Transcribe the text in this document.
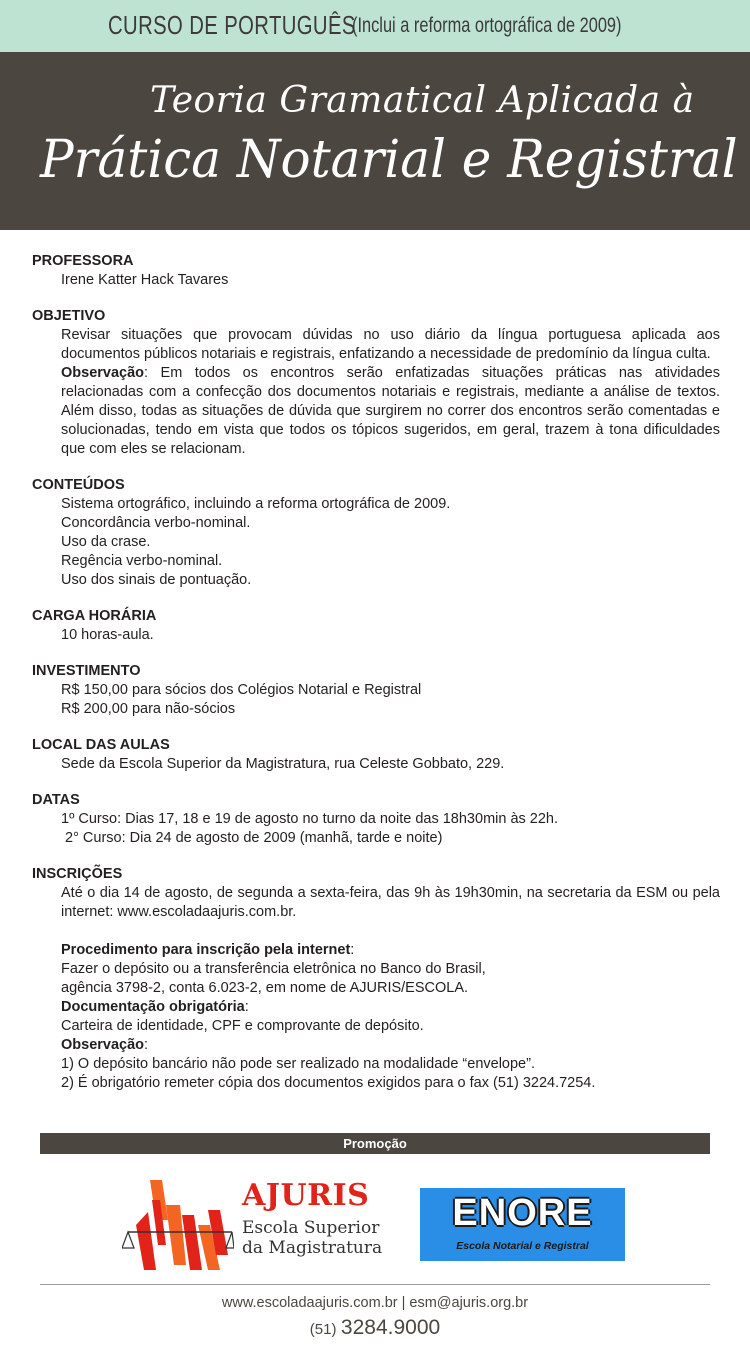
CURSO DE PORTUGUÊS
(Inclui a reforma ortográfica de 2009)
Teoria Gramatical Aplicada à
Prática Notarial e Registral
PROFESSORA
Irene Katter Hack Tavares
OBJETIVO
Revisar situações que provocam dúvidas no uso diário da língua portuguesa aplicada aos documentos públicos notariais e registrais, enfatizando a necessidade de predomínio da língua culta.
Observação: Em todos os encontros serão enfatizadas situações práticas nas atividades relacionadas com a confecção dos documentos notariais e registrais, mediante a análise de textos. Além disso, todas as situações de dúvida que surgirem no correr dos encontros serão comentadas e solucionadas, tendo em vista que todos os tópicos sugeridos, em geral, trazem à tona dificuldades que com eles se relacionam.
CONTEÚDOS
Sistema ortográfico, incluindo a reforma ortográfica de 2009.
Concordância verbo-nominal.
Uso da crase.
Regência verbo-nominal.
Uso dos sinais de pontuação.
CARGA HORÁRIA
10 horas-aula.
INVESTIMENTO
R$ 150,00 para sócios dos Colégios Notarial e Registral
R$ 200,00 para não-sócios
LOCAL DAS AULAS
Sede da Escola Superior da Magistratura, rua Celeste Gobbato, 229.
DATAS
1º Curso: Dias 17, 18 e 19 de agosto no turno da noite das 18h30min às 22h.
2° Curso: Dia 24 de agosto de 2009 (manhã, tarde e noite)
INSCRIÇÕES
Até o dia 14 de agosto, de segunda a sexta-feira, das 9h às 19h30min, na secretaria da ESM ou pela internet: www.escoladaajuris.com.br.
Procedimento para inscrição pela internet:
Fazer o depósito ou a transferência eletrônica no Banco do Brasil,
agência 3798-2, conta 6.023-2, em nome de AJURIS/ESCOLA.
Documentação obrigatória:
Carteira de identidade, CPF e comprovante de depósito.
Observação:
1) O depósito bancário não pode ser realizado na modalidade “envelope”.
2) É obrigatório remeter cópia dos documentos exigidos para o fax (51) 3224.7254.
Promoção
AJURIS
Escola Superior
da Magistratura
ENORE
Escola Notarial e Registral
www.escoladaajuris.com.br | esm@ajuris.org.br
(51) 3284.9000
